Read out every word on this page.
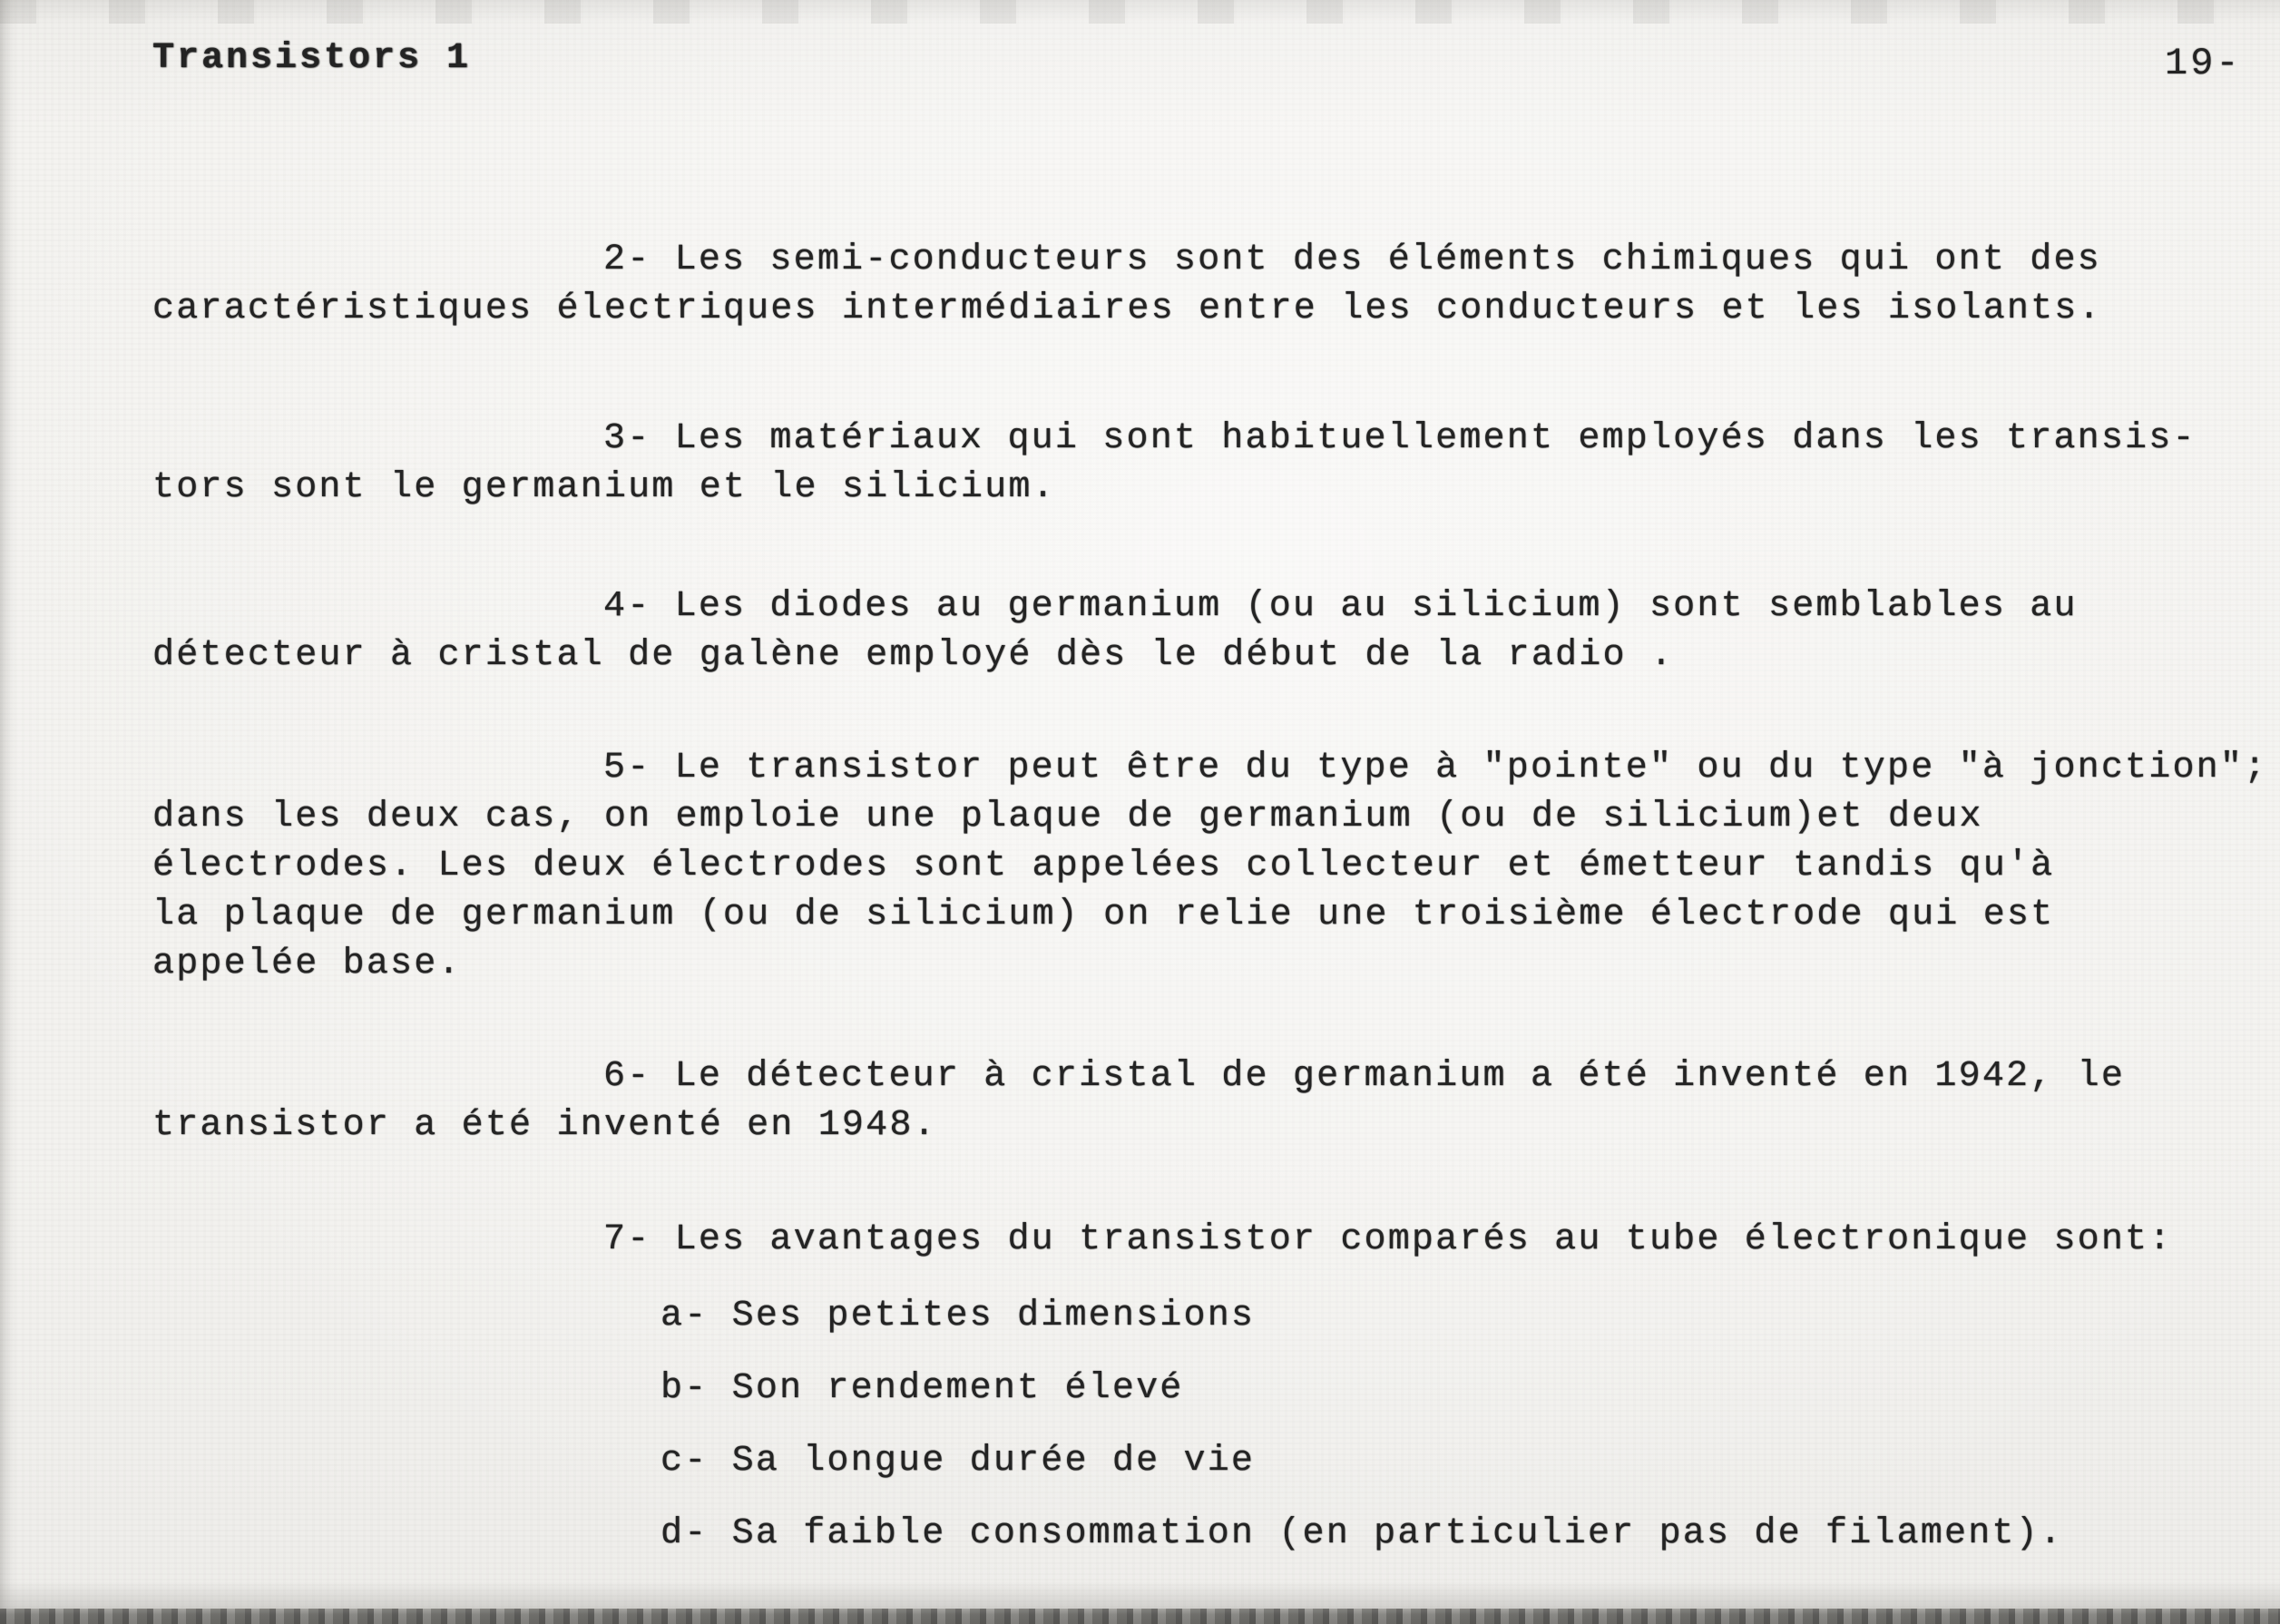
Transistors 1	19-
2- Les semi-conducteurs sont des éléments chimiques qui ont des
caractéristiques électriques intermédiaires entre les conducteurs et les isolants.
3- Les matériaux qui sont habituellement employés dans les transis-
tors sont le germanium et le silicium.
4- Les diodes au germanium (ou au silicium) sont semblables au
détecteur à cristal de galène employé dès le début de la radio .
5- Le transistor peut être du type à "pointe" ou du type "à jonction";
dans les deux cas, on emploie une plaque de germanium (ou de silicium)et deux
électrodes. Les deux électrodes sont appelées collecteur et émetteur tandis qu'à
la plaque de germanium (ou de silicium) on relie une troisième électrode qui est
appelée base.
6- Le détecteur à cristal de germanium a été inventé en 1942, le
transistor a été inventé en 1948.
7- Les avantages du transistor comparés au tube électronique sont:
a- Ses petites dimensions
b- Son rendement élevé
c- Sa longue durée de vie
d- Sa faible consommation (en particulier pas de filament).
